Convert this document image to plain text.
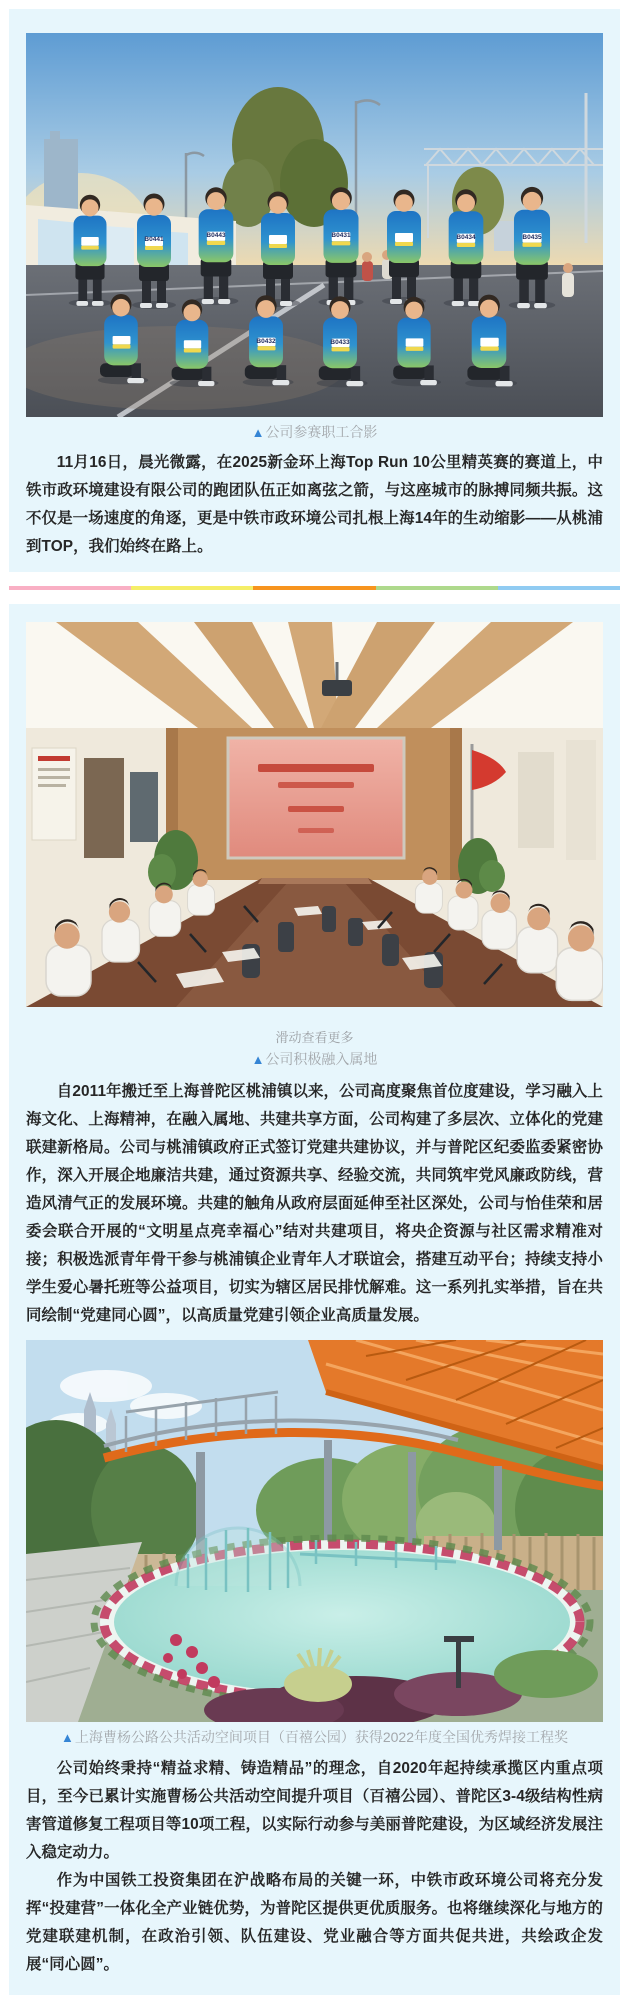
B0441
B0443	B0431	B0434	B0435
B0432	B0433
▲公司参赛职工合影

11月16日，晨光微露，在2025新金环上海Top Run 10公里精英赛的赛道上，中铁市政环境建设有限公司的跑团队伍正如离弦之箭，与这座城市的脉搏同频共振。这不仅是一场速度的角逐，更是中铁市政环境公司扎根上海14年的生动缩影——从桃浦到TOP，我们始终在路上。

滑动查看更多
▲公司积极融入属地

自2011年搬迁至上海普陀区桃浦镇以来，公司高度聚焦首位度建设，学习融入上海文化、上海精神，在融入属地、共建共享方面，公司构建了多层次、立体化的党建联建新格局。公司与桃浦镇政府正式签订党建共建协议，并与普陀区纪委监委紧密协作，深入开展企地廉洁共建，通过资源共享、经验交流，共同筑牢党风廉政防线，营造风清气正的发展环境。共建的触角从政府层面延伸至社区深处，公司与怡佳荣和居委会联合开展的“文明星点亮幸福心”结对共建项目，将央企资源与社区需求精准对接；积极选派青年骨干参与桃浦镇企业青年人才联谊会，搭建互动平台；持续支持小学生爱心暑托班等公益项目，切实为辖区居民排忧解难。这一系列扎实举措，旨在共同绘制“党建同心圆”，以高质量党建引领企业高质量发展。

▲上海曹杨公路公共活动空间项目（百禧公园）获得2022年度全国优秀焊接工程奖

公司始终秉持“精益求精、铸造精品”的理念，自2020年起持续承揽区内重点项目，至今已累计实施曹杨公共活动空间提升项目（百禧公园）、普陀区3-4级结构性病害管道修复工程项目等10项工程，以实际行动参与美丽普陀建设，为区域经济发展注入稳定动力。

作为中国铁工投资集团在沪战略布局的关键一环，中铁市政环境公司将充分发挥“投建营”一体化全产业链优势，为普陀区提供更优质服务。也将继续深化与地方的党建联建机制，在政治引领、队伍建设、党业融合等方面共促共进，共绘政企发展“同心圆”。
